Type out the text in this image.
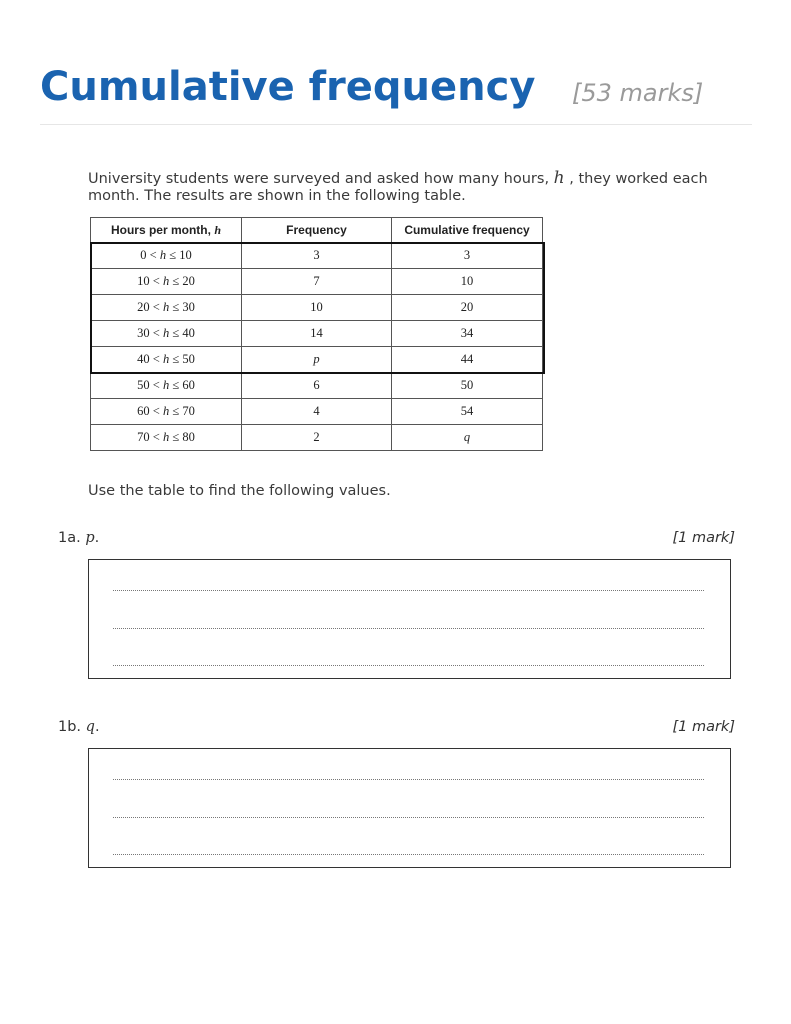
Cumulative frequency [53 marks]
University students were surveyed and asked how many hours, h , they worked each month. The results are shown in the following table.
Hours per month, h	Frequency	Cumulative frequency
0 < h ≤ 10	3	3
10 < h ≤ 20	7	10
20 < h ≤ 30	10	20
30 < h ≤ 40	14	34
40 < h ≤ 50	p	44
50 < h ≤ 60	6	50
60 < h ≤ 70	4	54
70 < h ≤ 80	2	q
Use the table to find the following values.
1a. p.	[1 mark]
1b. q.	[1 mark]
